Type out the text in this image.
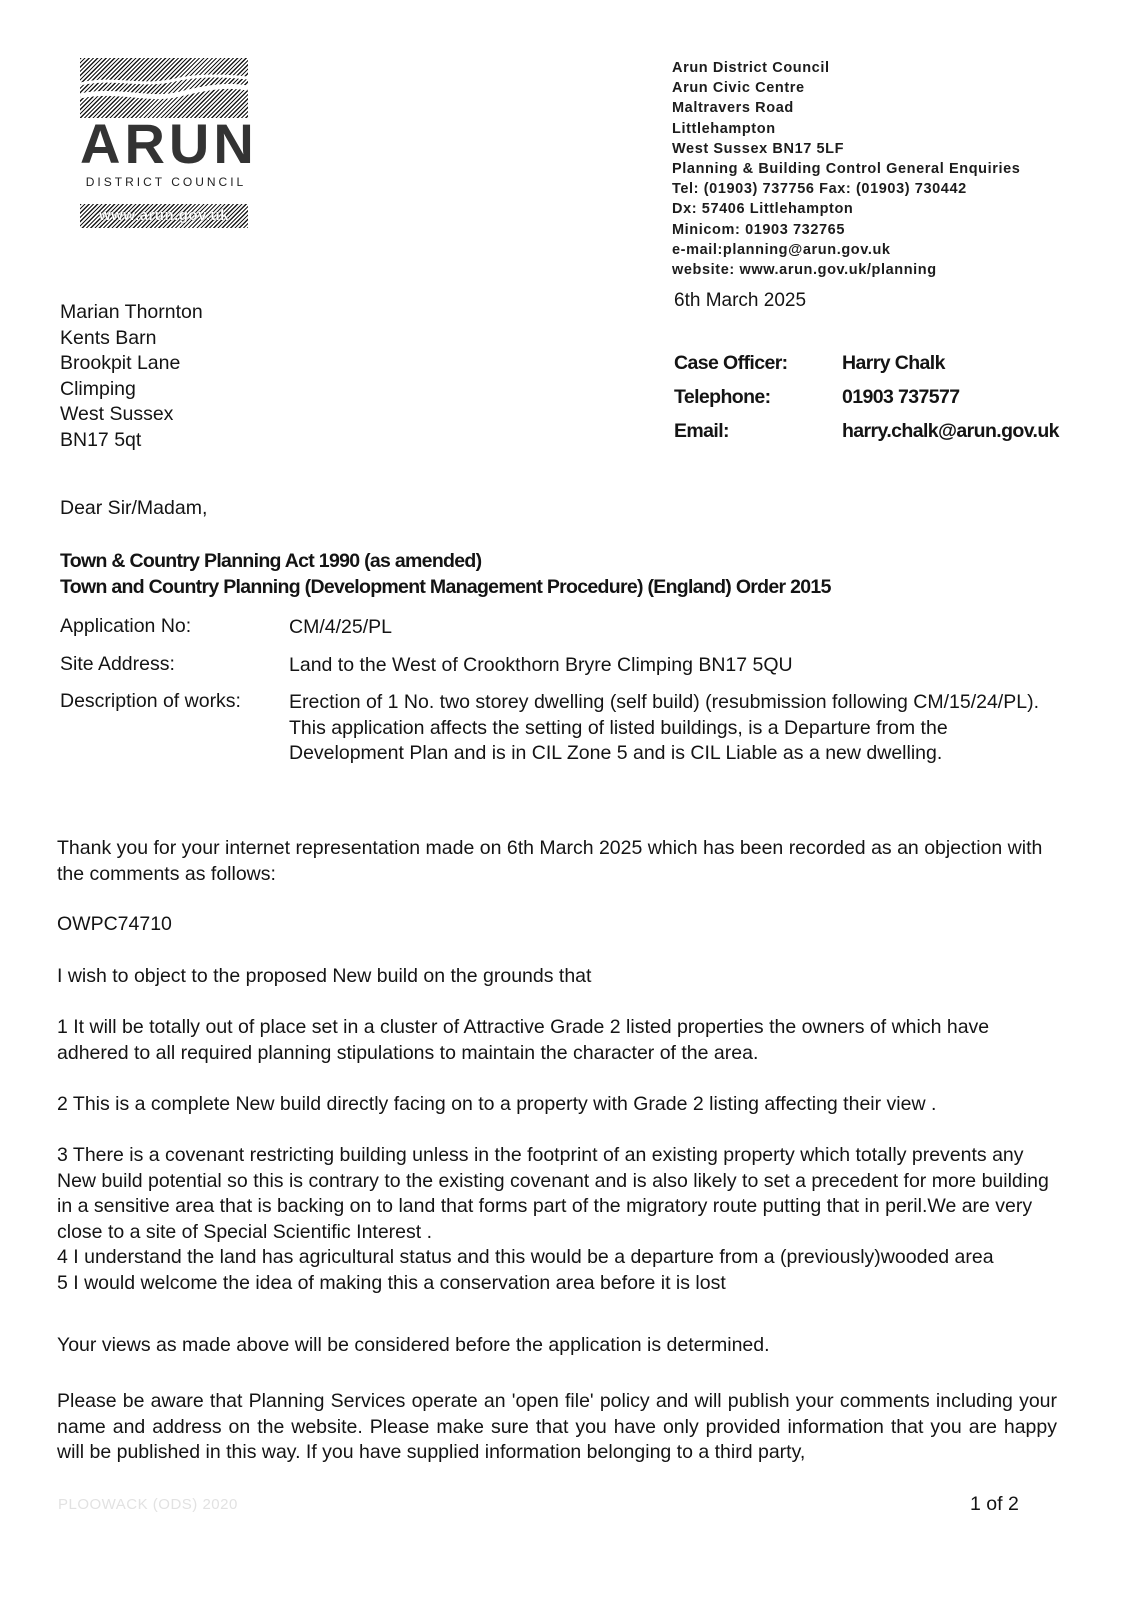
ARUN
DISTRICT COUNCIL
www.arun.gov.uk
Arun District Council
Arun Civic Centre
Maltravers Road
Littlehampton
West Sussex BN17 5LF
Planning & Building Control General Enquiries
Tel: (01903) 737756 Fax: (01903) 730442
Dx: 57406 Littlehampton
Minicom: 01903 732765
e-mail:planning@arun.gov.uk
website: www.arun.gov.uk/planning
6th March 2025
Marian Thornton
Kents Barn
Brookpit Lane
Climping
West Sussex
BN17 5qt
Case Officer:	Harry Chalk
Telephone:	01903 737577
Email:	harry.chalk@arun.gov.uk
Dear Sir/Madam,
Town & Country Planning Act 1990 (as amended)
Town and Country Planning (Development Management Procedure) (England) Order 2015
Application No:	CM/4/25/PL
Site Address:	Land to the West of Crookthorn Bryre Climping BN17 5QU
Description of works: Erection of 1 No. two storey dwelling (self build) (resubmission following CM/15/24/PL). This application affects the setting of listed buildings, is a Departure from the Development Plan and is in CIL Zone 5 and is CIL Liable as a new dwelling.
Thank you for your internet representation made on 6th March 2025 which has been recorded as an objection with the comments as follows:
OWPC74710
I wish to object to the proposed New build on the grounds that
1 It will be totally out of place set in a cluster of Attractive Grade 2 listed properties the owners of which have adhered to all required planning stipulations to maintain the character of the area.
2 This is a complete New build directly facing on to a property with Grade 2 listing affecting their view .
3 There is a covenant restricting building unless in the footprint of an existing property which totally prevents any New build potential so this is contrary to the existing covenant and is also likely to set a precedent for more building in a sensitive area that is backing on to land that forms part of the migratory route putting that in peril.We are very close to a site of Special Scientific Interest .
4 I understand the land has agricultural status and this would be a departure from a (previously)wooded area
5 I would welcome the idea of making this a conservation area before it is lost
Your views as made above will be considered before the application is determined.
Please be aware that Planning Services operate an 'open file' policy and will publish your comments including your name and address on the website. Please make sure that you have only provided information that you are happy will be published in this way. If you have supplied information belonging to a third party,
PLOOWACK (ODS) 2020	1 of 2
